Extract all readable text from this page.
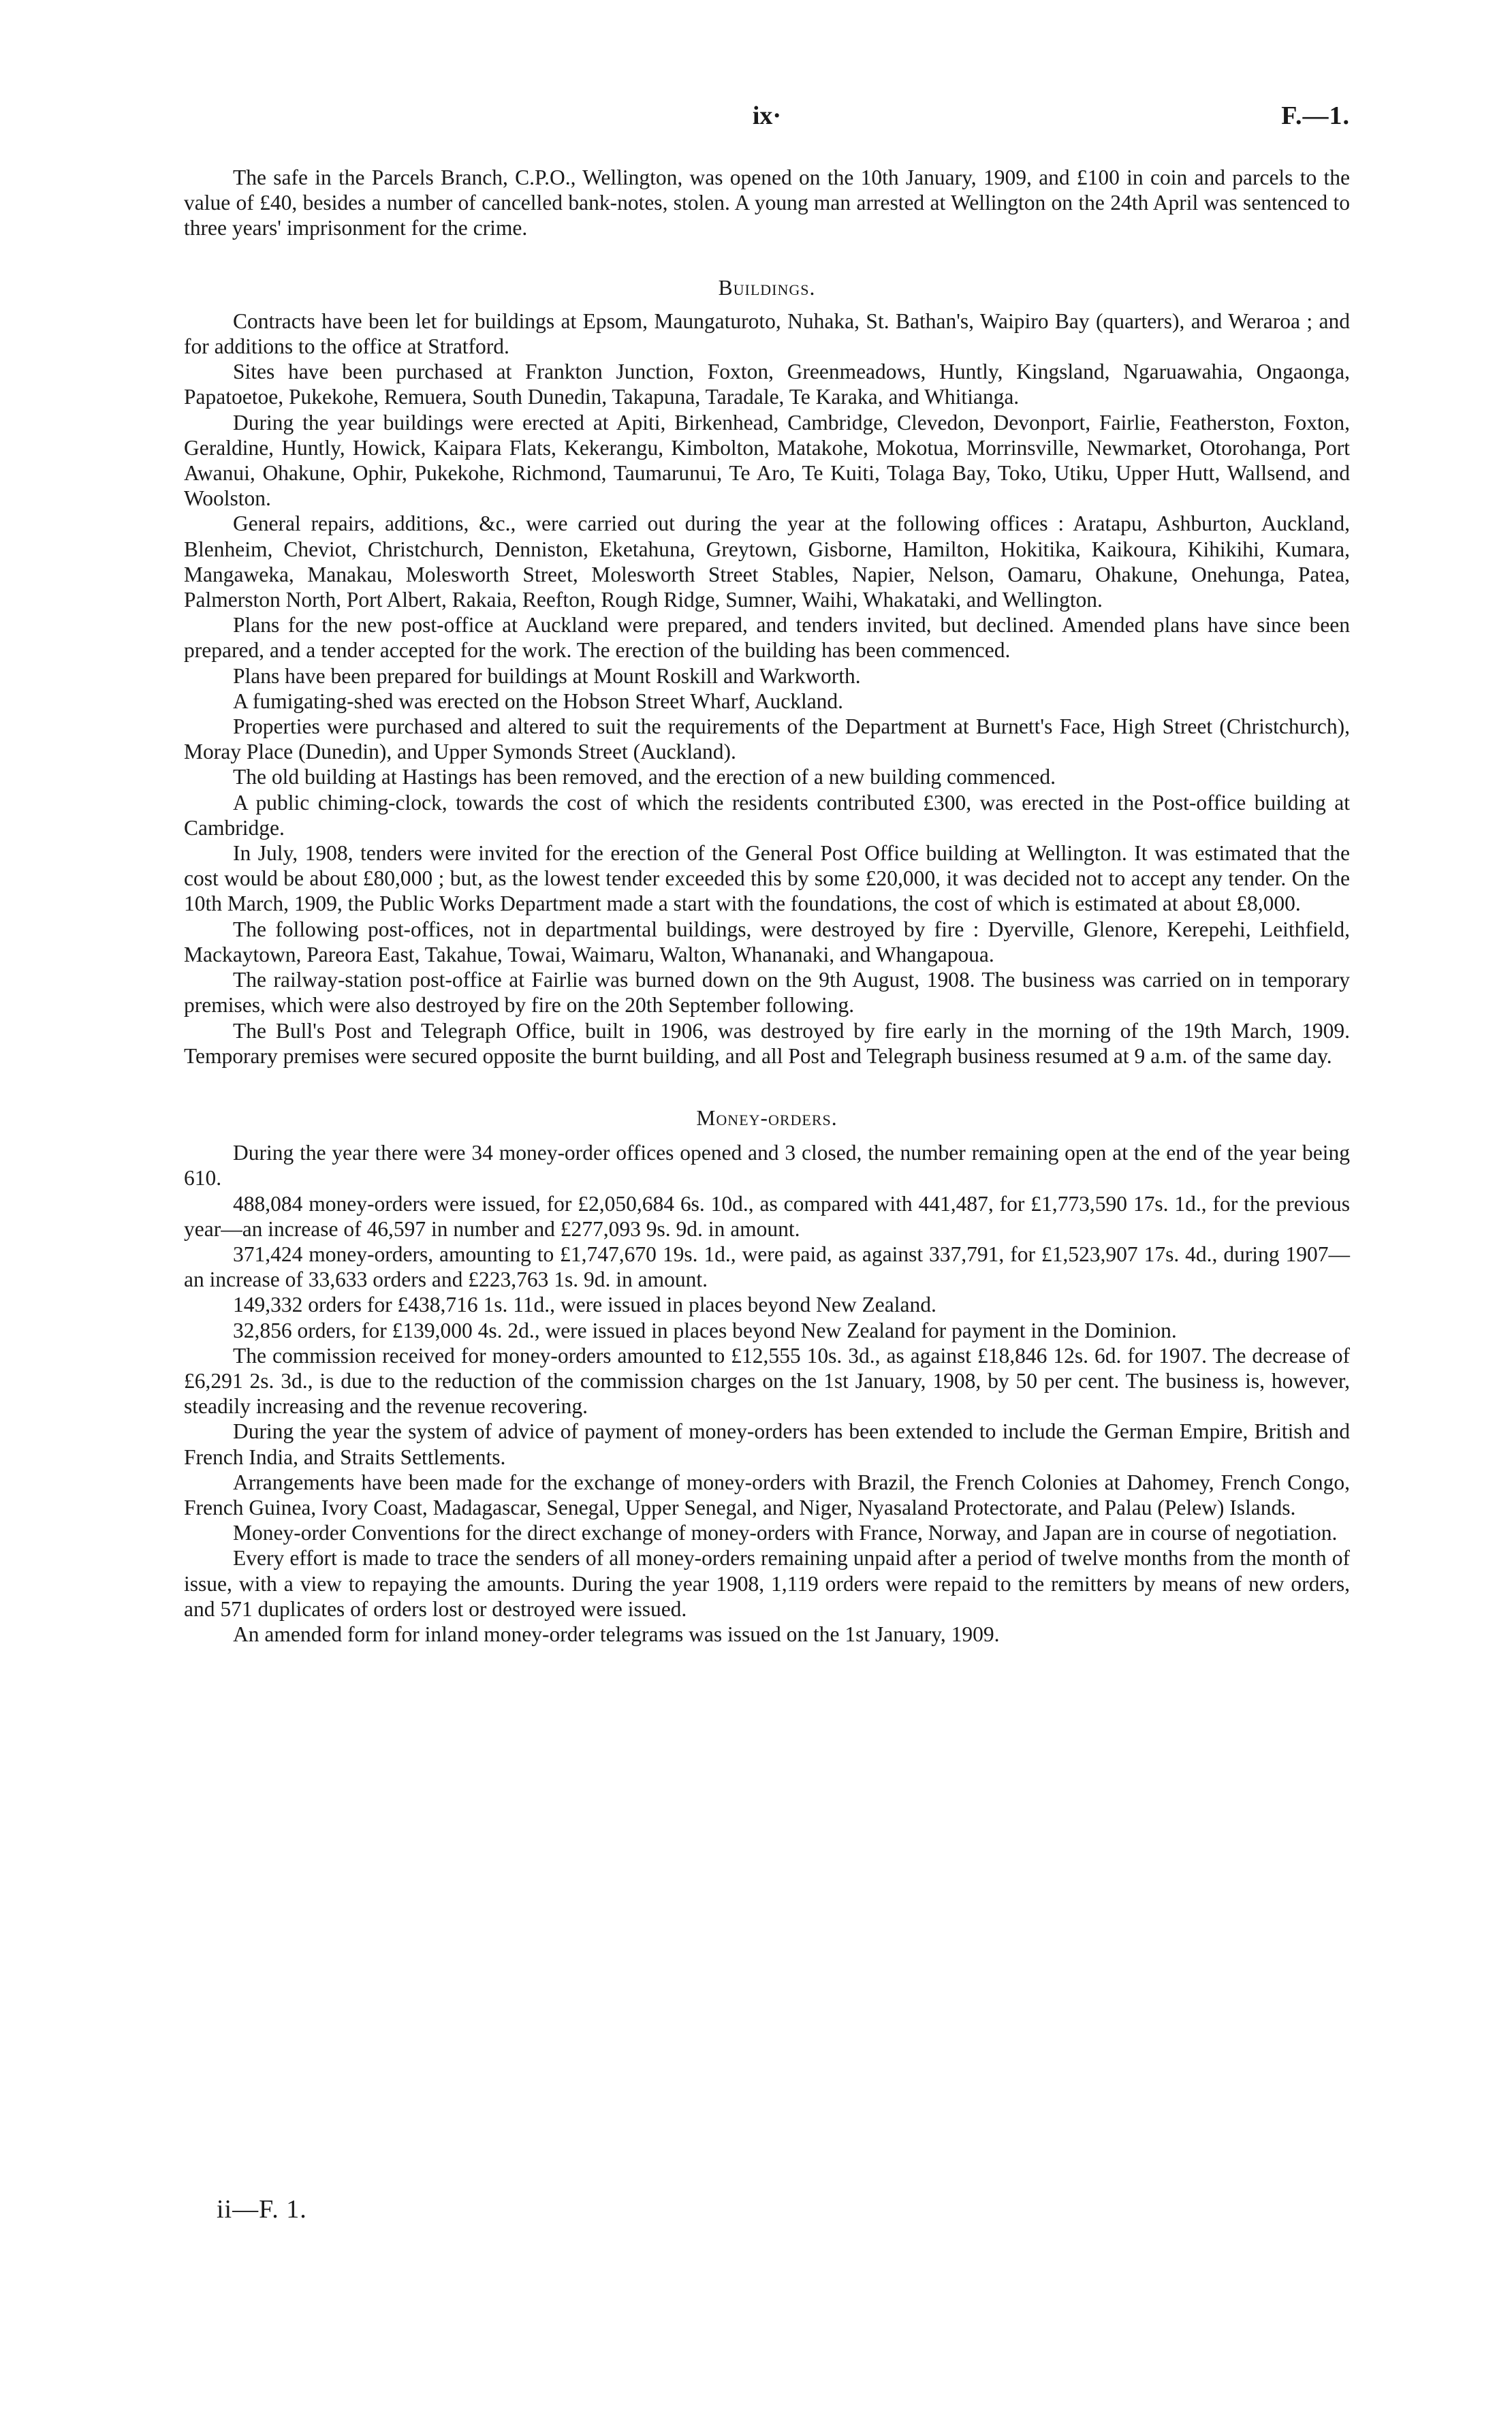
ix·	F.—1.

The safe in the Parcels Branch, C.P.O., Wellington, was opened on the 10th January, 1909, and £100 in coin and parcels to the value of £40, besides a number of cancelled bank-notes, stolen. A young man arrested at Wellington on the 24th April was sentenced to three years' imprisonment for the crime.

Buildings.

Contracts have been let for buildings at Epsom, Maungaturoto, Nuhaka, St. Bathan's, Waipiro Bay (quarters), and Weraroa ; and for additions to the office at Stratford.

Sites have been purchased at Frankton Junction, Foxton, Greenmeadows, Huntly, Kingsland, Ngaruawahia, Ongaonga, Papatoetoe, Pukekohe, Remuera, South Dunedin, Takapuna, Taradale, Te Karaka, and Whitianga.

During the year buildings were erected at Apiti, Birkenhead, Cambridge, Clevedon, Devonport, Fairlie, Featherston, Foxton, Geraldine, Huntly, Howick, Kaipara Flats, Kekerangu, Kimbolton, Matakohe, Mokotua, Morrinsville, Newmarket, Otorohanga, Port Awanui, Ohakune, Ophir, Pukekohe, Richmond, Taumarunui, Te Aro, Te Kuiti, Tolaga Bay, Toko, Utiku, Upper Hutt, Wallsend, and Woolston.

General repairs, additions, &c., were carried out during the year at the following offices : Aratapu, Ashburton, Auckland, Blenheim, Cheviot, Christchurch, Denniston, Eketahuna, Greytown, Gisborne, Hamilton, Hokitika, Kaikoura, Kihikihi, Kumara, Mangaweka, Manakau, Molesworth Street, Molesworth Street Stables, Napier, Nelson, Oamaru, Ohakune, Onehunga, Patea, Palmerston North, Port Albert, Rakaia, Reefton, Rough Ridge, Sumner, Waihi, Whakataki, and Wellington.

Plans for the new post-office at Auckland were prepared, and tenders invited, but declined. Amended plans have since been prepared, and a tender accepted for the work. The erection of the building has been commenced.

Plans have been prepared for buildings at Mount Roskill and Warkworth.

A fumigating-shed was erected on the Hobson Street Wharf, Auckland.

Properties were purchased and altered to suit the requirements of the Department at Burnett's Face, High Street (Christchurch), Moray Place (Dunedin), and Upper Symonds Street (Auckland).

The old building at Hastings has been removed, and the erection of a new building commenced.

A public chiming-clock, towards the cost of which the residents contributed £300, was erected in the Post-office building at Cambridge.

In July, 1908, tenders were invited for the erection of the General Post Office building at Wellington. It was estimated that the cost would be about £80,000 ; but, as the lowest tender exceeded this by some £20,000, it was decided not to accept any tender. On the 10th March, 1909, the Public Works Department made a start with the foundations, the cost of which is estimated at about £8,000.

The following post-offices, not in departmental buildings, were destroyed by fire : Dyerville, Glenore, Kerepehi, Leithfield, Mackaytown, Pareora East, Takahue, Towai, Waimaru, Walton, Whananaki, and Whangapoua.

The railway-station post-office at Fairlie was burned down on the 9th August, 1908. The business was carried on in temporary premises, which were also destroyed by fire on the 20th September following.

The Bull's Post and Telegraph Office, built in 1906, was destroyed by fire early in the morning of the 19th March, 1909. Temporary premises were secured opposite the burnt building, and all Post and Telegraph business resumed at 9 a.m. of the same day.

Money-orders.

During the year there were 34 money-order offices opened and 3 closed, the number remaining open at the end of the year being 610.

488,084 money-orders were issued, for £2,050,684 6s. 10d., as compared with 441,487, for £1,773,590 17s. 1d., for the previous year—an increase of 46,597 in number and £277,093 9s. 9d. in amount.

371,424 money-orders, amounting to £1,747,670 19s. 1d., were paid, as against 337,791, for £1,523,907 17s. 4d., during 1907—an increase of 33,633 orders and £223,763 1s. 9d. in amount.

149,332 orders for £438,716 1s. 11d., were issued in places beyond New Zealand.

32,856 orders, for £139,000 4s. 2d., were issued in places beyond New Zealand for payment in the Dominion.

The commission received for money-orders amounted to £12,555 10s. 3d., as against £18,846 12s. 6d. for 1907. The decrease of £6,291 2s. 3d., is due to the reduction of the commission charges on the 1st January, 1908, by 50 per cent. The business is, however, steadily increasing and the revenue recovering.

During the year the system of advice of payment of money-orders has been extended to include the German Empire, British and French India, and Straits Settlements.

Arrangements have been made for the exchange of money-orders with Brazil, the French Colonies at Dahomey, French Congo, French Guinea, Ivory Coast, Madagascar, Senegal, Upper Senegal, and Niger, Nyasaland Protectorate, and Palau (Pelew) Islands.

Money-order Conventions for the direct exchange of money-orders with France, Norway, and Japan are in course of negotiation.

Every effort is made to trace the senders of all money-orders remaining unpaid after a period of twelve months from the month of issue, with a view to repaying the amounts. During the year 1908, 1,119 orders were repaid to the remitters by means of new orders, and 571 duplicates of orders lost or destroyed were issued.

An amended form for inland money-order telegrams was issued on the 1st January, 1909.

ii—F. 1.
